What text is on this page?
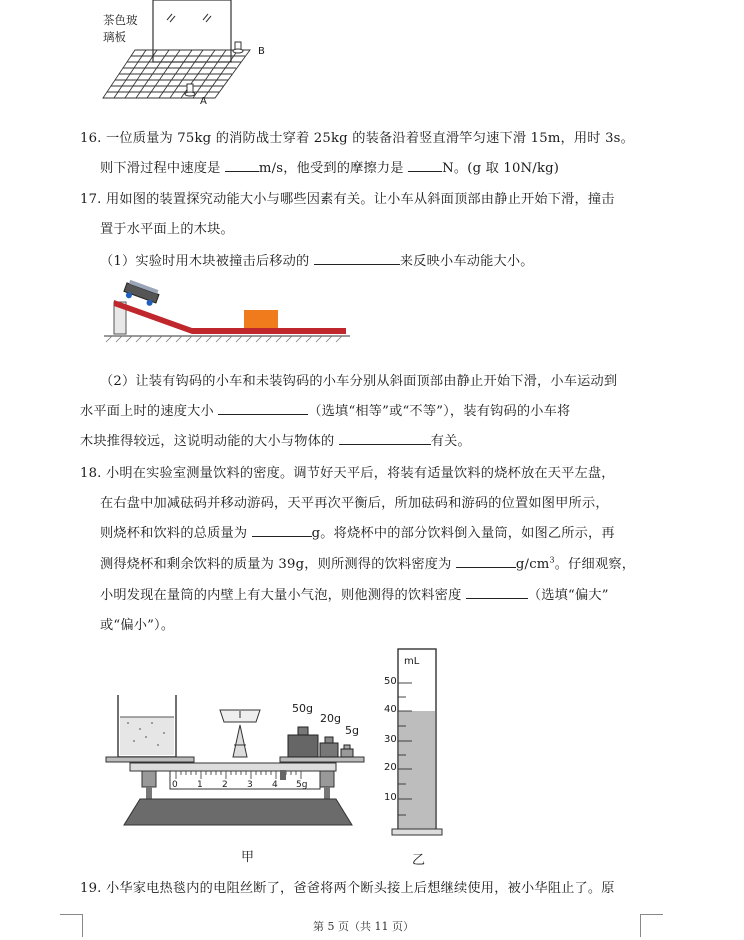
茶色玻
璃板
A
B
16. 一位质量为 75kg 的消防战士穿着 25kg 的装备沿着竖直滑竿匀速下滑 15m，用时 3s。
则下滑过程中速度是	m/s，他受到的摩擦力是	N。(g 取 10N/kg)
17. 用如图的装置探究动能大小与哪些因素有关。让小车从斜面顶部由静止开始下滑，撞击
置于水平面上的木块。
（1）实验时用木块被撞击后移动的	来反映小车动能大小。
（2）让装有钩码的小车和未装钩码的小车分别从斜面顶部由静止开始下滑，小车运动到
水平面上时的速度大小	（选填“相等”或“不等”），装有钩码的小车将
木块推得较远，这说明动能的大小与物体的	有关。
18. 小明在实验室测量饮料的密度。调节好天平后，将装有适量饮料的烧杯放在天平左盘，
在右盘中加减砝码并移动游码，天平再次平衡后，所加砝码和游码的位置如图甲所示，
则烧杯和饮料的总质量为	g。将烧杯中的部分饮料倒入量筒，如图乙所示，再
测得烧杯和剩余饮料的质量为 39g，则所测得的饮料密度为	$g/cm^3$。仔细观察，
小明发现在量筒的内壁上有大量小气泡，则他测得的饮料密度	（选填“偏大”
或“偏小”）。
50g
20g
5g
0 1 2 3 4 5g
甲
mL
50
40
30
20
10
乙
19. 小华家电热毯内的电阻丝断了，爸爸将两个断头接上后想继续使用，被小华阻止了。原
第 5 页（共 11 页）
